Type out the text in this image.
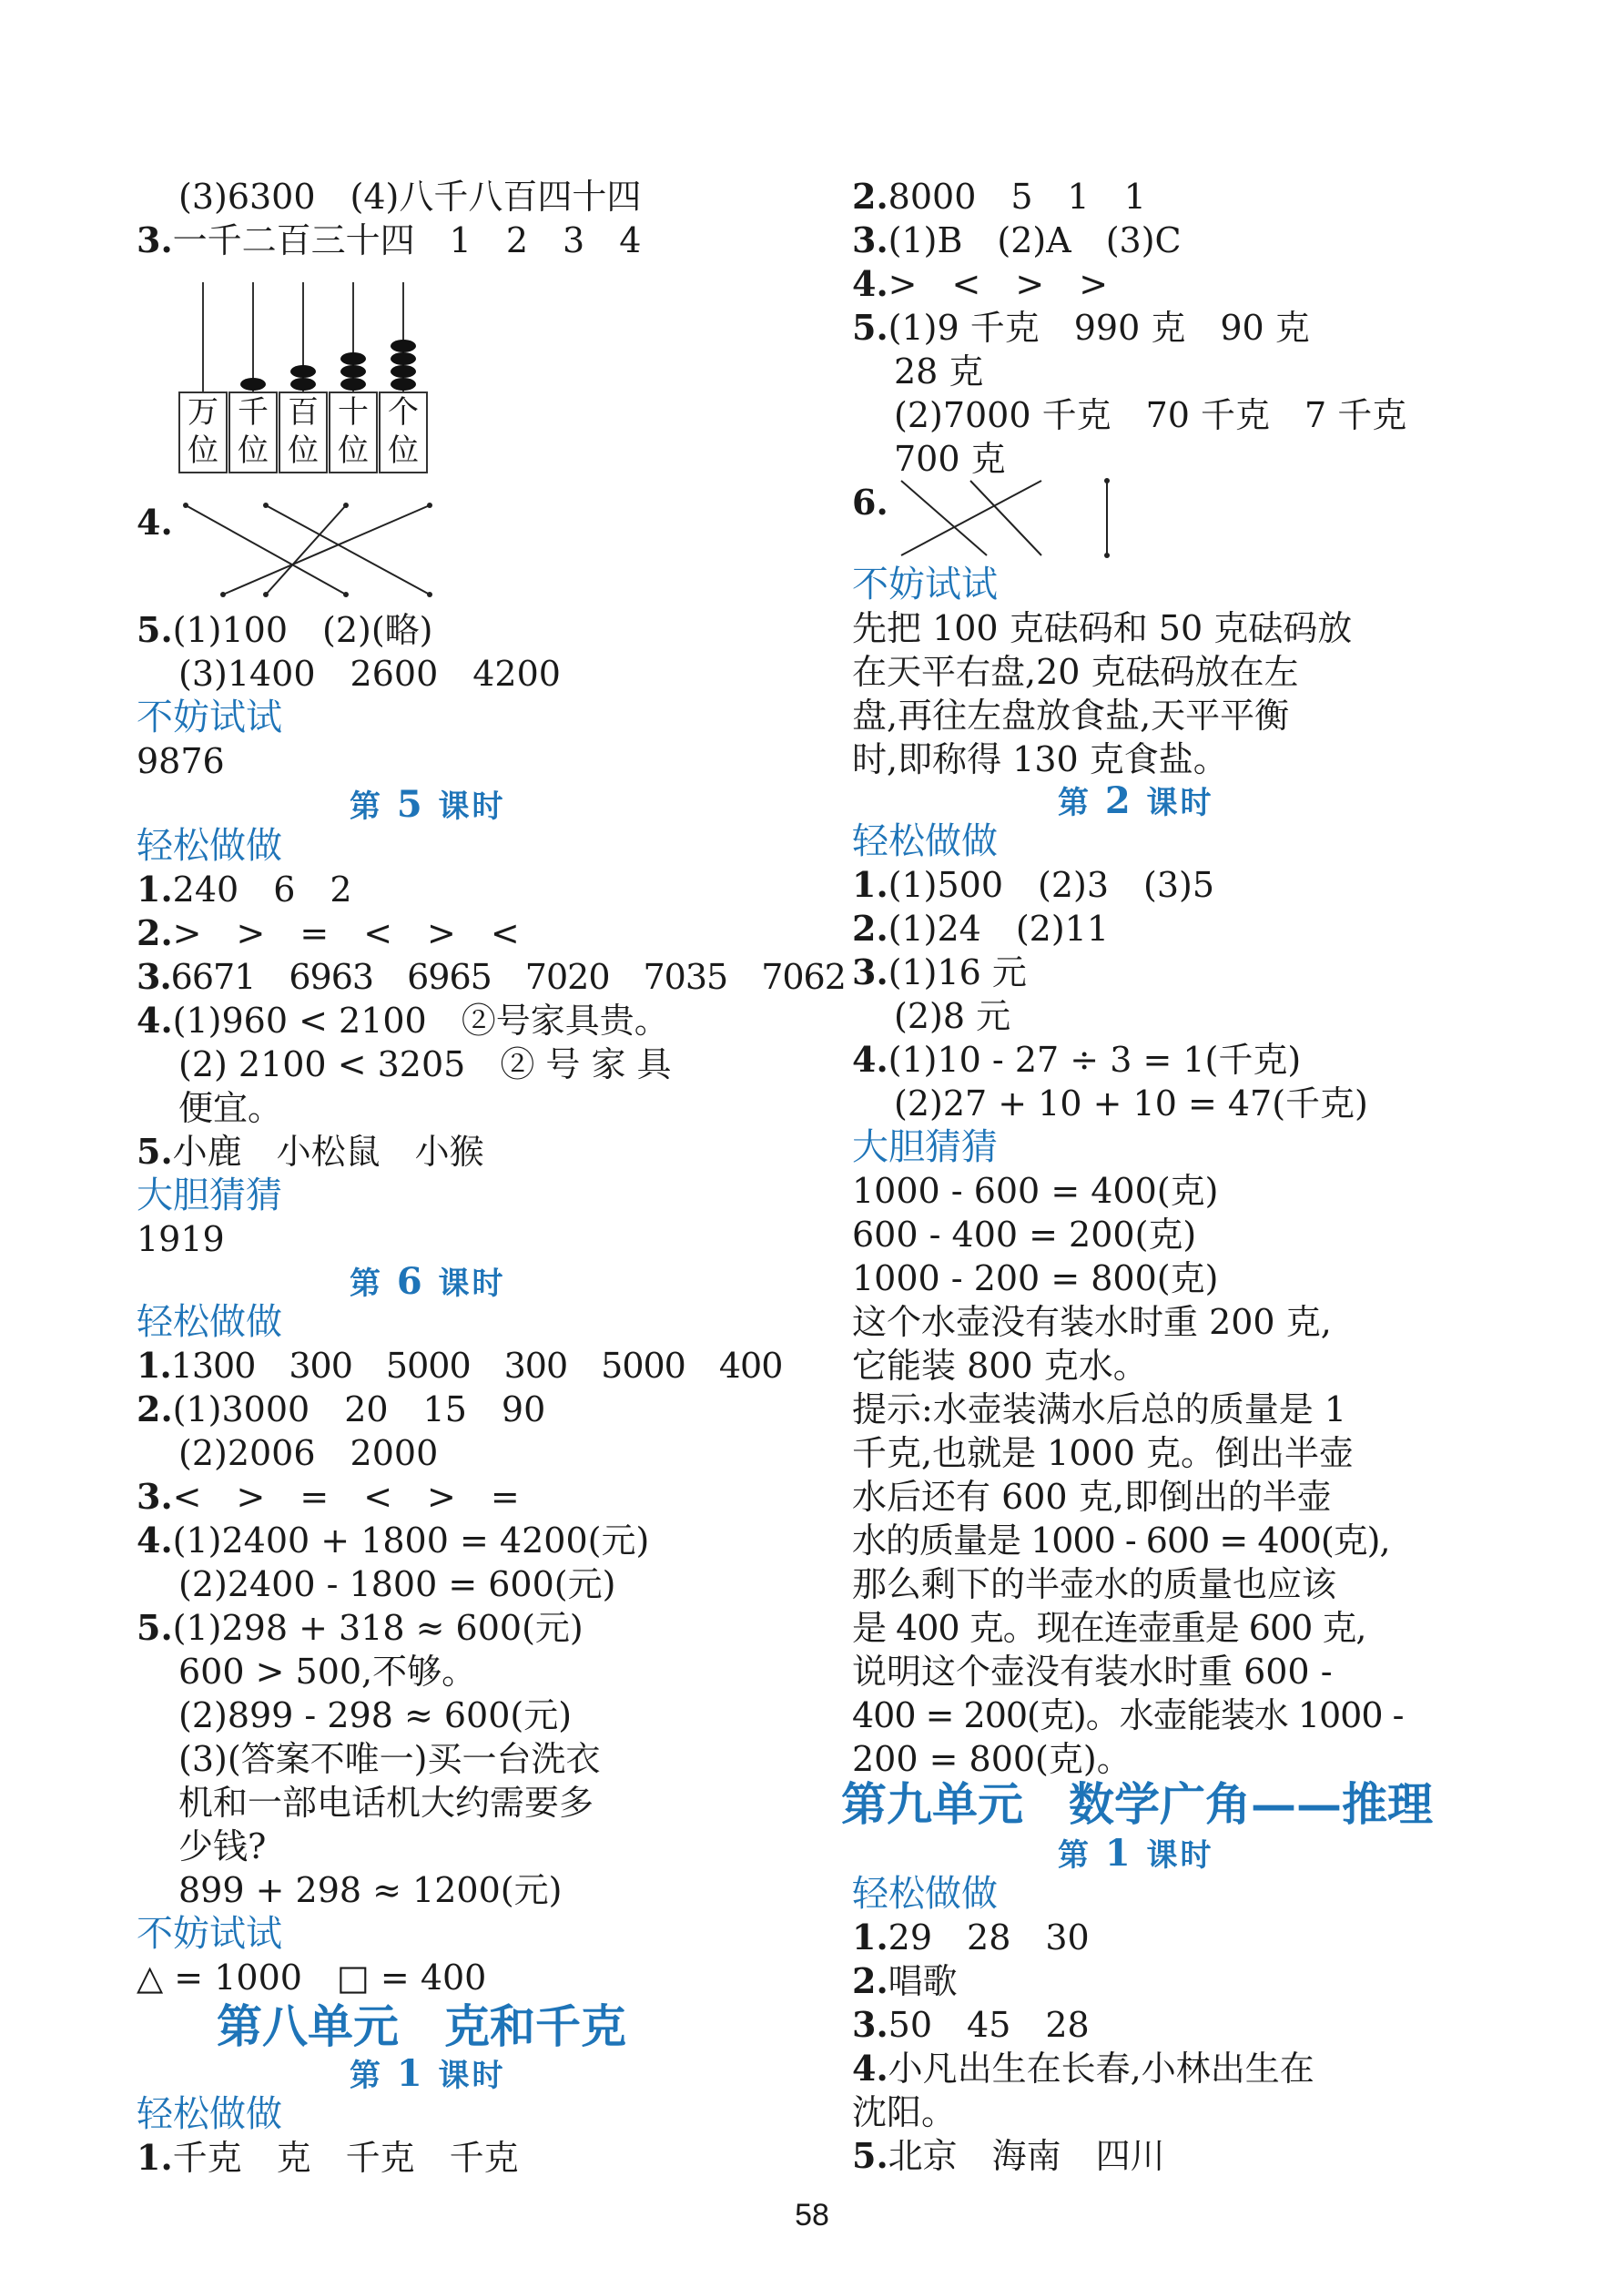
(3)6300　(4)八千八百四十四
3.一千二百三十四　1　2　3　4
万位
千位
百位
十位
个位
4.
5.(1)100　(2)(略)
(3)1400　2600　4200
不妨试试
9876
第 5 课时
轻松做做
1.240　6　2
2.>　>　=　<　>　<
3.6671　6963　6965　7020　7035　7062
4.(1)960 < 2100　②号家具贵。
(2) 2100 < 3205　② 号 家 具
便宜。
5.小鹿　小松鼠　小猴
大胆猜猜
1919
第 6 课时
轻松做做
1.1300　300　5000　300　5000　400
2.(1)3000　20　15　90
(2)2006　2000
3.<　>　=　<　>　=
4.(1)2400 + 1800 = 4200(元)
(2)2400 - 1800 = 600(元)
5.(1)298 + 318 ≈ 600(元)
600 > 500,不够。
(2)899 - 298 ≈ 600(元)
(3)(答案不唯一)买一台洗衣
机和一部电话机大约需要多
少钱?
899 + 298 ≈ 1200(元)
不妨试试
△ = 1000　□ = 400
第八单元　克和千克
第 1 课时
轻松做做
1.千克　克　千克　千克
2.8000　5　1　1
3.(1)B　(2)A　(3)C
4.>　<　>　>
5.(1)9 千克　990 克　90 克
28 克
(2)7000 千克　70 千克　7 千克
700 克
6.
不妨试试
先把 100 克砝码和 50 克砝码放
在天平右盘,20 克砝码放在左
盘,再往左盘放食盐,天平平衡
时,即称得 130 克食盐。
第 2 课时
轻松做做
1.(1)500　(2)3　(3)5
2.(1)24　(2)11
3.(1)16 元
(2)8 元
4.(1)10 - 27 ÷ 3 = 1(千克)
(2)27 + 10 + 10 = 47(千克)
大胆猜猜
1000 - 600 = 400(克)
600 - 400 = 200(克)
1000 - 200 = 800(克)
这个水壶没有装水时重 200 克,
它能装 800 克水。
提示:水壶装满水后总的质量是 1
千克,也就是 1000 克。倒出半壶
水后还有 600 克,即倒出的半壶
水的质量是 1000 - 600 = 400(克),
那么剩下的半壶水的质量也应该
是 400 克。现在连壶重是 600 克,
说明这个壶没有装水时重 600 -
400 = 200(克)。水壶能装水 1000 -
200 = 800(克)。
第九单元　数学广角——推理
第 1 课时
轻松做做
1.29　28　30
2.唱歌
3.50　45　28
4.小凡出生在长春,小林出生在
沈阳。
5.北京　海南　四川
58
